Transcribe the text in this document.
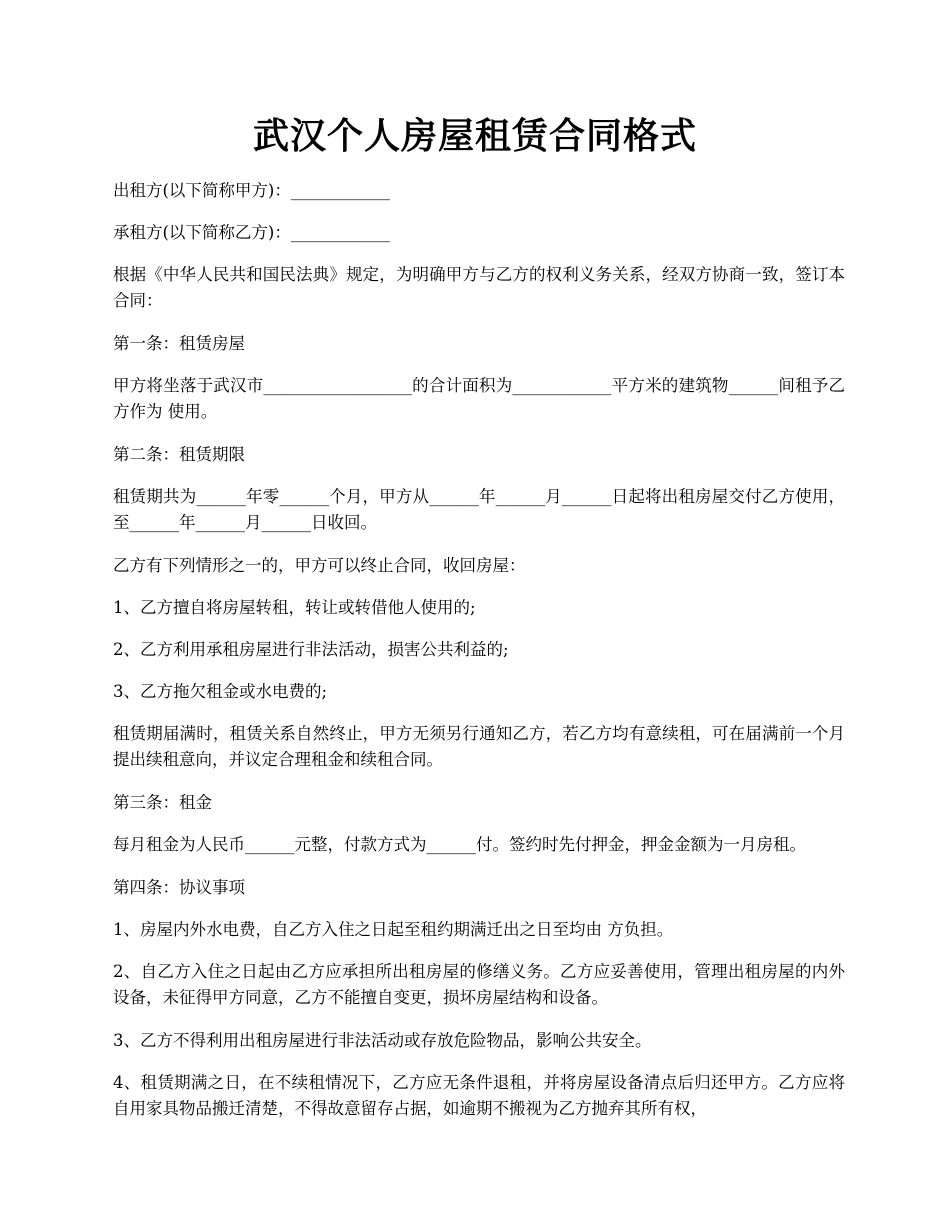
武汉个人房屋租赁合同格式

出租方(以下简称甲方)：____________

承租方(以下简称乙方)：____________

根据《中华人民共和国民法典》规定，为明确甲方与乙方的权利义务关系，经双方协商一致，签订本合同：

第一条：租赁房屋

甲方将坐落于武汉市__________________的合计面积为____________平方米的建筑物______间租予乙方作为 使用。

第二条：租赁期限

租赁期共为______年零______个月，甲方从______年______月______日起将出租房屋交付乙方使用，至______年______月______日收回。

乙方有下列情形之一的，甲方可以终止合同，收回房屋：

1、乙方擅自将房屋转租，转让或转借他人使用的;

2、乙方利用承租房屋进行非法活动，损害公共利益的;

3、乙方拖欠租金或水电费的;

租赁期届满时，租赁关系自然终止，甲方无须另行通知乙方，若乙方均有意续租，可在届满前一个月提出续租意向，并议定合理租金和续租合同。

第三条：租金

每月租金为人民币______元整，付款方式为______付。签约时先付押金，押金金额为一月房租。

第四条：协议事项

1、房屋内外水电费，自乙方入住之日起至租约期满迁出之日至均由 方负担。

2、自乙方入住之日起由乙方应承担所出租房屋的修缮义务。乙方应妥善使用，管理出租房屋的内外设备，未征得甲方同意，乙方不能擅自变更，损坏房屋结构和设备。

3、乙方不得利用出租房屋进行非法活动或存放危险物品，影响公共安全。

4、租赁期满之日，在不续租情况下，乙方应无条件退租，并将房屋设备清点后归还甲方。乙方应将自用家具物品搬迁清楚，不得故意留存占据，如逾期不搬视为乙方抛弃其所有权，
